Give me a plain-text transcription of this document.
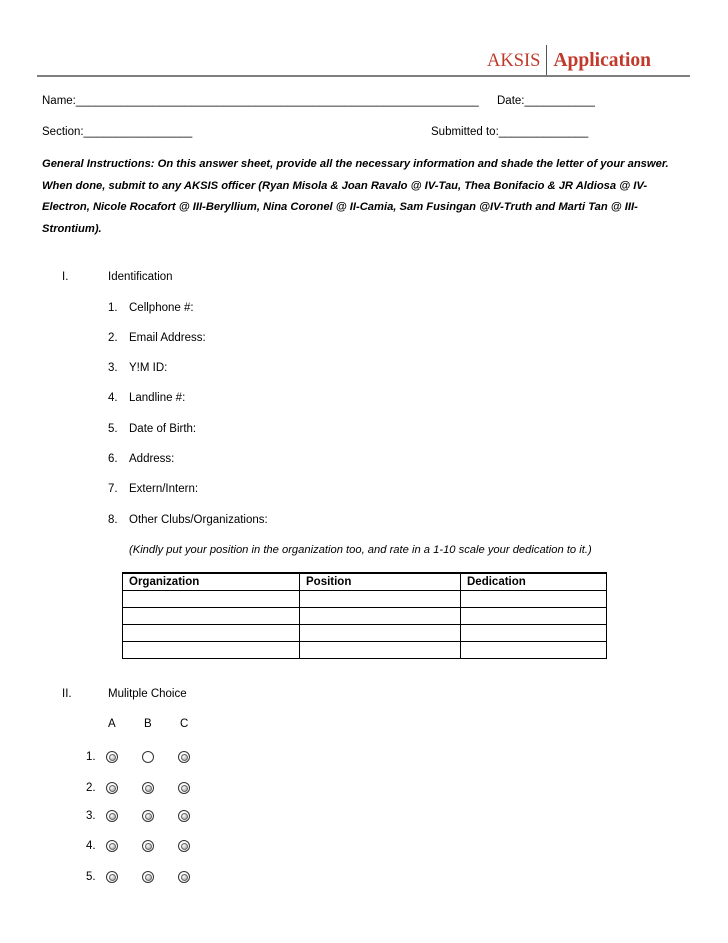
AKSIS Application
Name:_______________________________________________________________ Date:___________
Section:_________________	Submitted to:______________
General Instructions: On this answer sheet, provide all the necessary information and shade the letter of your answer. When done, submit to any AKSIS officer (Ryan Misola & Joan Ravalo @ IV-Tau, Thea Bonifacio & JR Aldiosa @ IV-Electron, Nicole Rocafort @ III-Beryllium, Nina Coronel @ II-Camia, Sam Fusingan @IV-Truth and Marti Tan @ III-Strontium).
I.	Identification
1. Cellphone #:
2. Email Address:
3. Y!M ID:
4. Landline #:
5. Date of Birth:
6. Address:
7. Extern/Intern:
8. Other Clubs/Organizations:
(Kindly put your position in the organization too, and rate in a 1-10 scale your dedication to it.)
Organization	Position	Dedication

II.	Mulitple Choice
A B C
1.
2.
3.
4.
5.
